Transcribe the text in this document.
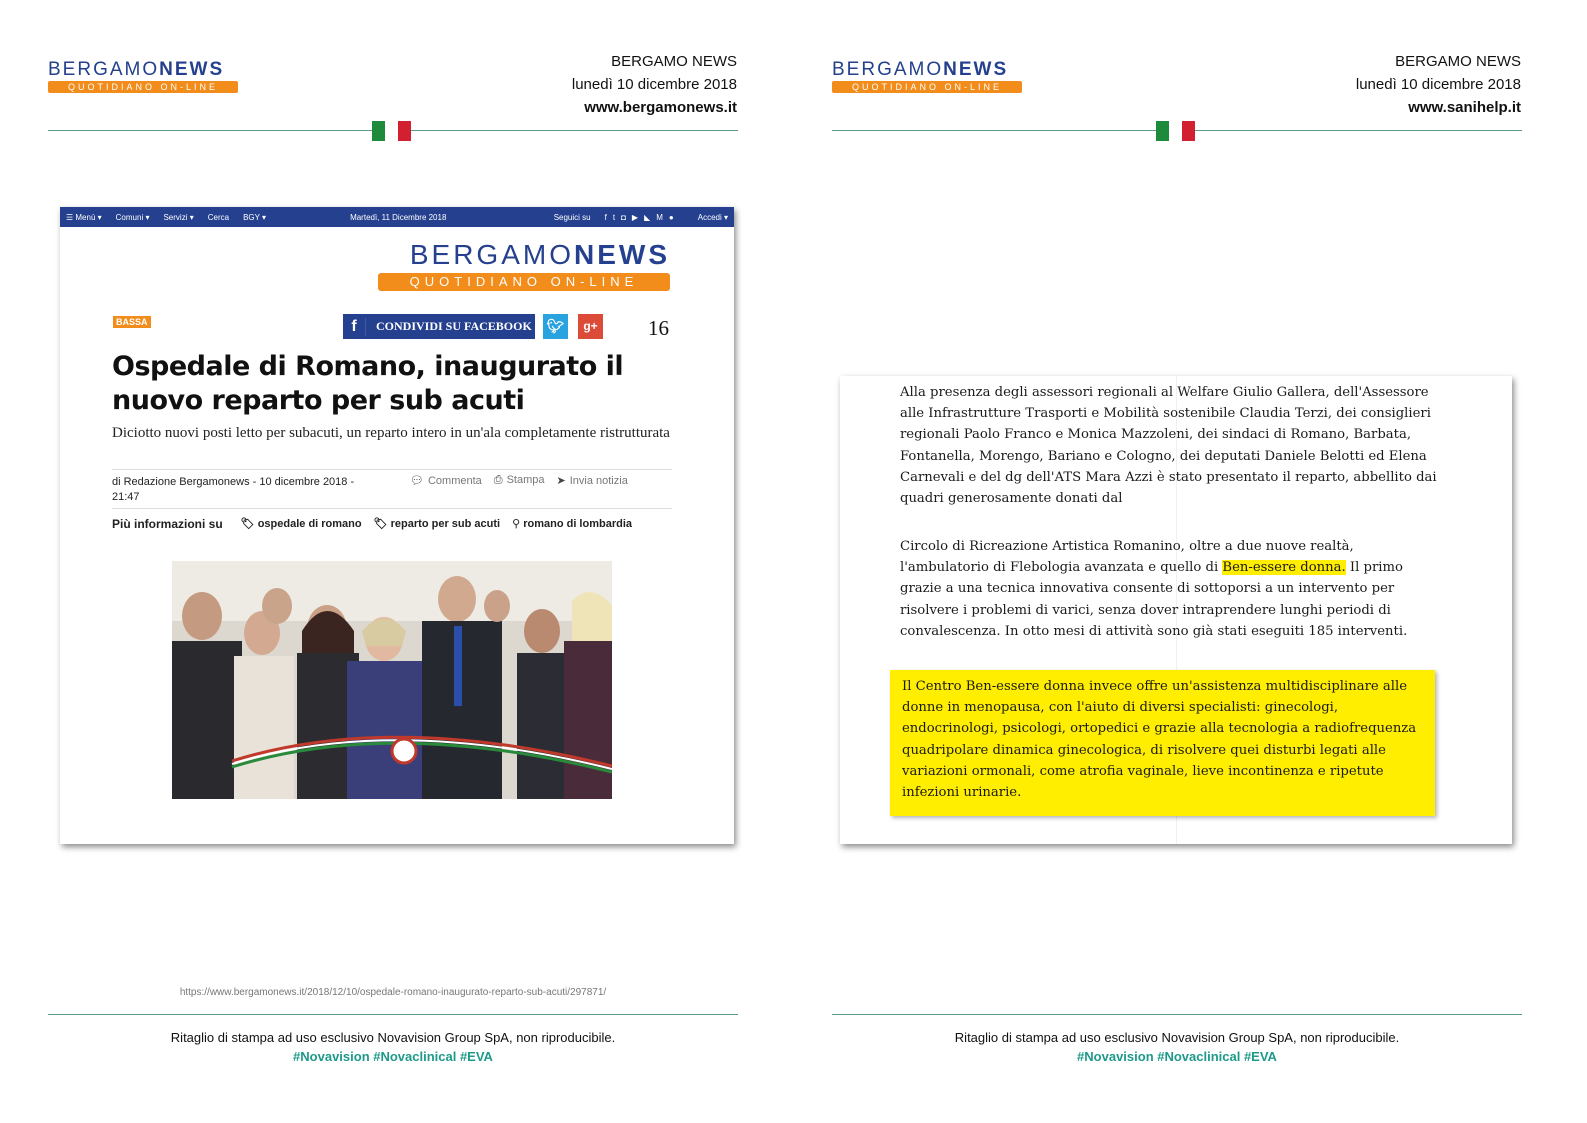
BERGAMONEWS
QUOTIDIANO ON-LINE
BERGAMO NEWS
lunedì 10 dicembre 2018
www.bergamonews.it
☰ Menù ▾ Comuni ▾ Servizi ▾ Cerca BGY ▾	Martedì, 11 Dicembre 2018	Seguici su f t ◘ ▶ ◣ M ●	Accedi ▾
BERGAMONEWS
QUOTIDIANO ON-LINE
BASSA	f	CONDIVIDI SU FACEBOOK 🐦︎	g+ 16
Ospedale di Romano, inaugurato il nuovo reparto per sub acuti
Diciotto nuovi posti letto per subacuti, un reparto intero in un'ala completamente ristrutturata
di Redazione Bergamonews - 10 dicembre 2018 - 21:47
💬︎ Commenta ⎙ Stampa ➤ Invia notizia
Più informazioni su 🏷︎ ospedale di romano 🏷︎ reparto per sub acuti ⚲ romano di lombardia
https://www.bergamonews.it/2018/12/10/ospedale-romano-inaugurato-reparto-sub-acuti/297871/
Ritaglio di stampa ad uso esclusivo Novavision Group SpA, non riproducibile.
#Novavision #Novaclinical #EVA
BERGAMONEWS
QUOTIDIANO ON-LINE
BERGAMO NEWS
lunedì 10 dicembre 2018
www.sanihelp.it
Ritaglio di stampa ad uso esclusivo Novavision Group SpA, non riproducibile.
#Novavision #Novaclinical #EVA
Alla presenza degli assessori regionali al Welfare Giulio Gallera, dell'Assessore alle Infrastrutture Trasporti e Mobilità sostenibile Claudia Terzi, dei consiglieri regionali Paolo Franco e Monica Mazzoleni, dei sindaci di Romano, Barbata, Fontanella, Morengo, Bariano e Cologno, dei deputati Daniele Belotti ed Elena Carnevali e del dg dell'ATS Mara Azzi è stato presentato il reparto, abbellito dai quadri generosamente donati dal
Circolo di Ricreazione Artistica Romanino, oltre a due nuove realtà, l'ambulatorio di Flebologia avanzata e quello di Ben-essere donna. Il primo grazie a una tecnica innovativa consente di sottoporsi a un intervento per risolvere i problemi di varici, senza dover intraprendere lunghi periodi di convalescenza. In otto mesi di attività sono già stati eseguiti 185 interventi.
Il Centro Ben-essere donna invece offre un'assistenza multidisciplinare alle donne in menopausa, con l'aiuto di diversi specialisti: ginecologi, endocrinologi, psicologi, ortopedici e grazie alla tecnologia a radiofrequenza quadripolare dinamica ginecologica, di risolvere quei disturbi legati alle variazioni ormonali, come atrofia vaginale, lieve incontinenza e ripetute infezioni urinarie.
